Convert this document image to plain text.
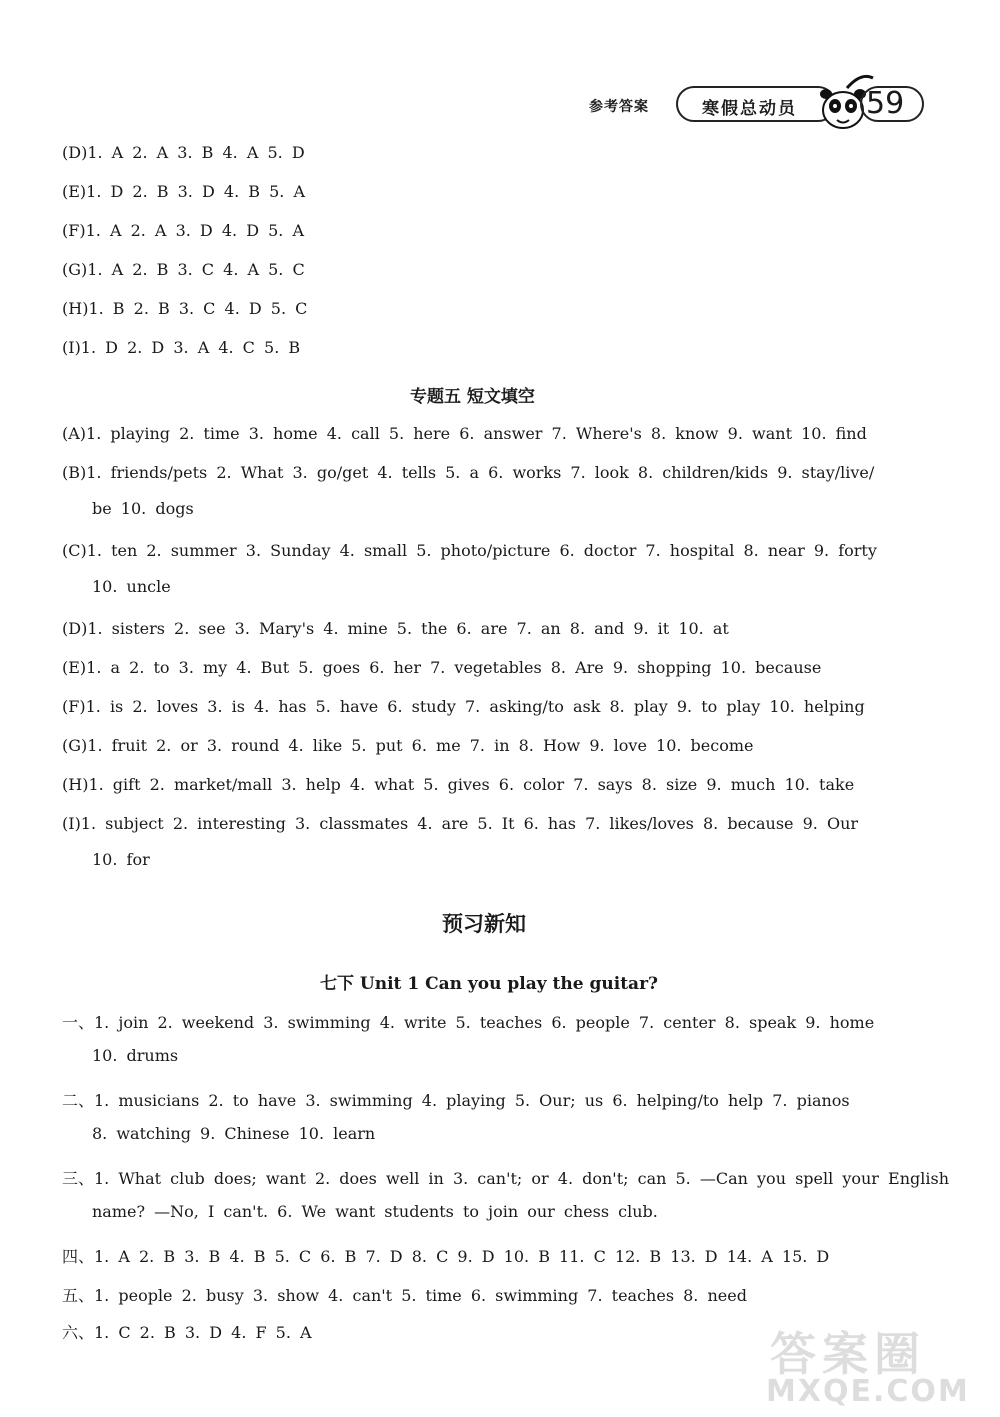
参考答案	寒假总动员 59
(D)1. A 2. A 3. B 4. A 5. D
(E)1. D 2. B 3. D 4. B 5. A
(F)1. A 2. A 3. D 4. D 5. A
(G)1. A 2. B 3. C 4. A 5. C
(H)1. B 2. B 3. C 4. D 5. C
(I)1. D 2. D 3. A 4. C 5. B
专题五 短文填空
(A)1. playing 2. time 3. home 4. call 5. here 6. answer 7. Where's 8. know 9. want 10. find
(B)1. friends/pets 2. What 3. go/get 4. tells 5. a 6. works 7. look 8. children/kids 9. stay/live/
be 10. dogs
(C)1. ten 2. summer 3. Sunday 4. small 5. photo/picture 6. doctor 7. hospital 8. near 9. forty
10. uncle
(D)1. sisters 2. see 3. Mary's 4. mine 5. the 6. are 7. an 8. and 9. it 10. at
(E)1. a 2. to 3. my 4. But 5. goes 6. her 7. vegetables 8. Are 9. shopping 10. because
(F)1. is 2. loves 3. is 4. has 5. have 6. study 7. asking/to ask 8. play 9. to play 10. helping
(G)1. fruit 2. or 3. round 4. like 5. put 6. me 7. in 8. How 9. love 10. become
(H)1. gift 2. market/mall 3. help 4. what 5. gives 6. color 7. says 8. size 9. much 10. take
(I)1. subject 2. interesting 3. classmates 4. are 5. It 6. has 7. likes/loves 8. because 9. Our
10. for
预习新知
七下 Unit 1 Can you play the guitar?
一、1. join 2. weekend 3. swimming 4. write 5. teaches 6. people 7. center 8. speak 9. home
10. drums
二、1. musicians 2. to have 3. swimming 4. playing 5. Our; us 6. helping/to help 7. pianos
8. watching 9. Chinese 10. learn
三、1. What club does; want 2. does well in 3. can't; or 4. don't; can 5. —Can you spell your English
name? —No, I can't. 6. We want students to join our chess club.
四、1. A 2. B 3. B 4. B 5. C 6. B 7. D 8. C 9. D 10. B 11. C 12. B 13. D 14. A 15. D
五、1. people 2. busy 3. show 4. can't 5. time 6. swimming 7. teaches 8. need
六、1. C 2. B 3. D 4. F 5. A	答案圈
MXQE.COM
